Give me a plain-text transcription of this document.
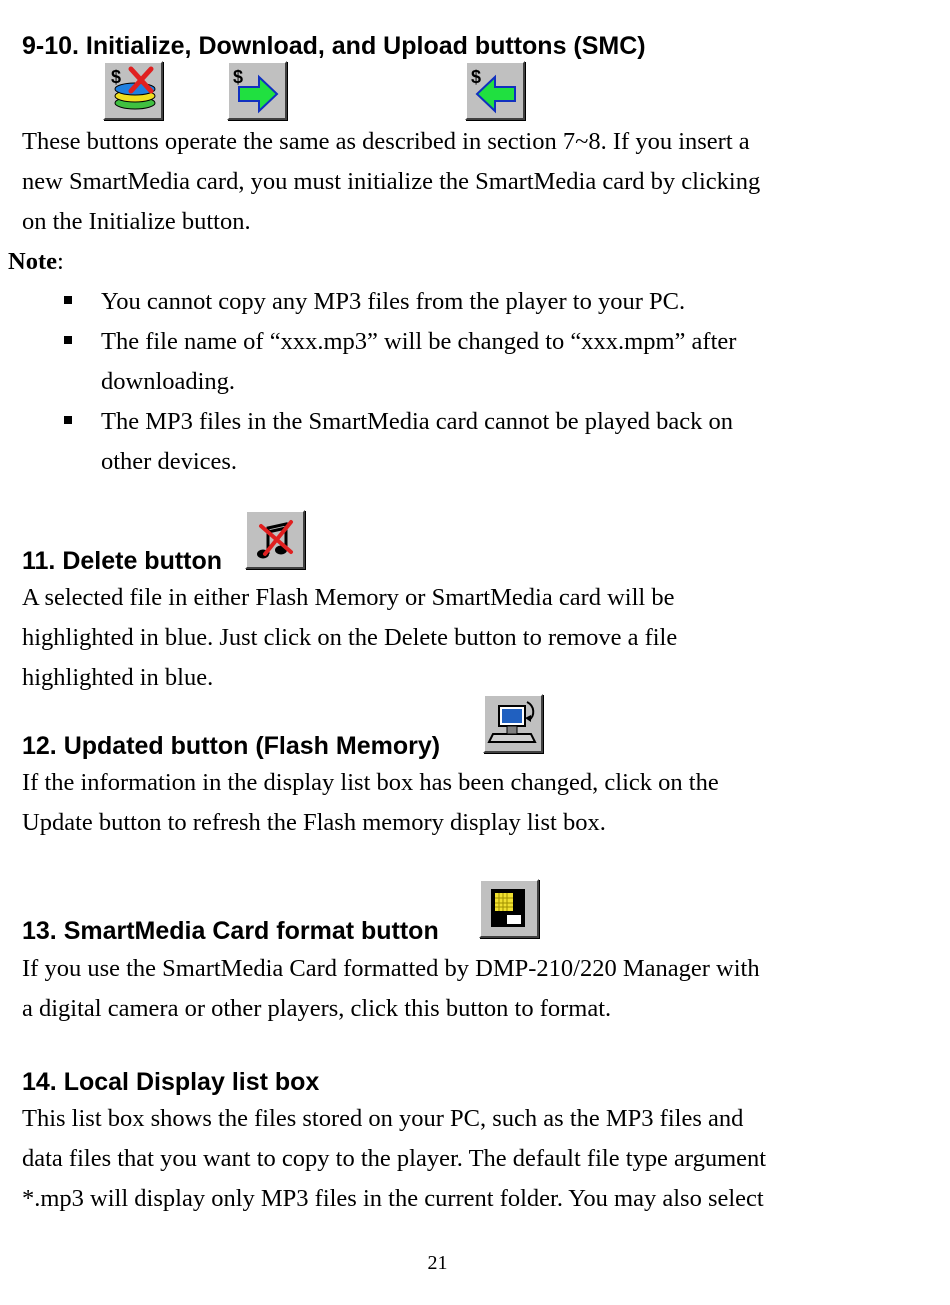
9-10. Initialize, Download, and Upload buttons (SMC)
$	$	$
These buttons operate the same as described in section 7~8. If you insert a
new SmartMedia card, you must initialize the SmartMedia card by clicking
on the Initialize button.
Note:
You cannot copy any MP3 files from the player to your PC.
The file name of “xxx.mp3” will be changed to “xxx.mpm” after
downloading.
The MP3 files in the SmartMedia card cannot be played back on
other devices.
11. Delete button
A selected file in either Flash Memory or SmartMedia card will be
highlighted in blue. Just click on the Delete button to remove a file
highlighted in blue.
12. Updated button (Flash Memory)
If the information in the display list box has been changed, click on the
Update button to refresh the Flash memory display list box.
13. SmartMedia Card format button
If you use the SmartMedia Card formatted by DMP-210/220 Manager with
a digital camera or other players, click this button to format.
14. Local Display list box
This list box shows the files stored on your PC, such as the MP3 files and
data files that you want to copy to the player. The default file type argument
*.mp3 will display only MP3 files in the current folder. You may also select
21
